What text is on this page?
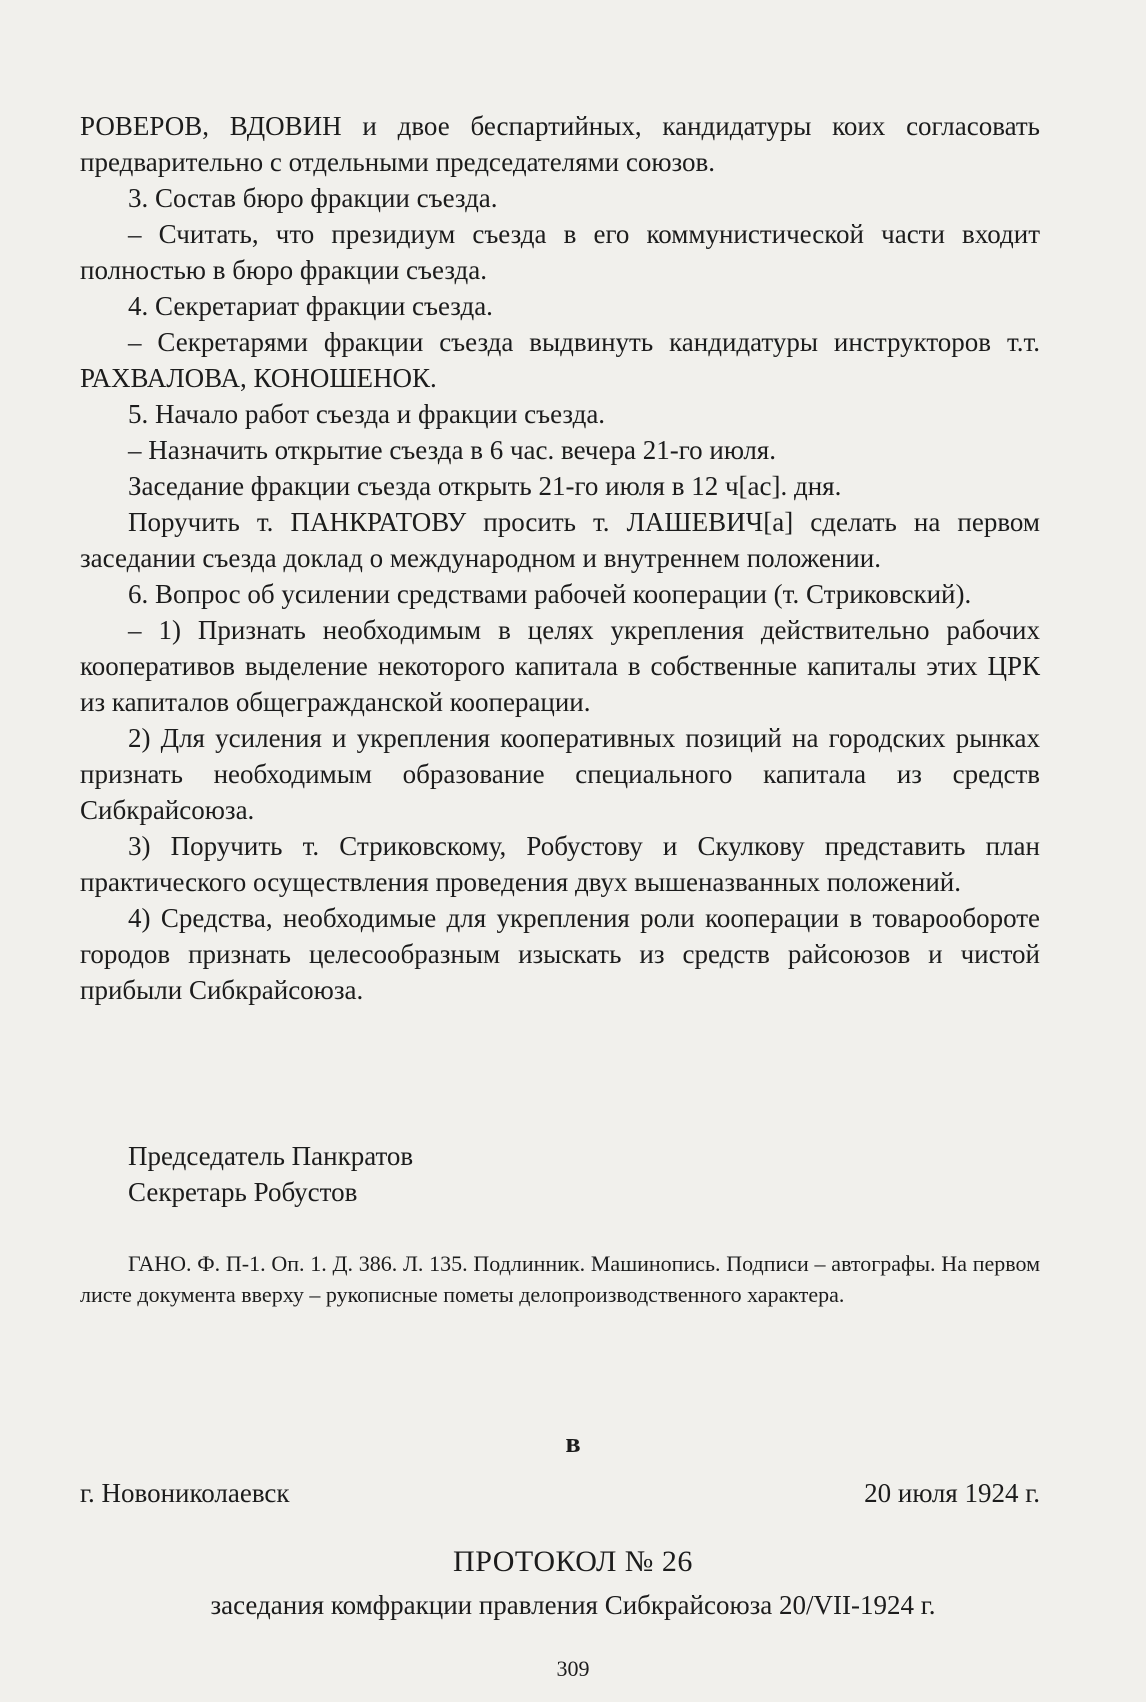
РОВЕРОВ, ВДОВИН и двое беспартийных, кандидатуры коих согласовать предварительно с отдельными председателями союзов.

3. Состав бюро фракции съезда.

– Считать, что президиум съезда в его коммунистической части входит полностью в бюро фракции съезда.

4. Секретариат фракции съезда.

– Секретарями фракции съезда выдвинуть кандидатуры инструкторов т.т. РАХВАЛОВА, КОНОШЕНОК.

5. Начало работ съезда и фракции съезда.

– Назначить открытие съезда в 6 час. вечера 21-го июля.

Заседание фракции съезда открыть 21-го июля в 12 ч[ас]. дня.

Поручить т. ПАНКРАТОВУ просить т. ЛАШЕВИЧ[а] сделать на первом заседании съезда доклад о международном и внутреннем положении.

6. Вопрос об усилении средствами рабочей кооперации (т. Стриковский).

– 1) Признать необходимым в целях укрепления действительно рабочих кооперативов выделение некоторого капитала в собственные капиталы этих ЦРК из капиталов общегражданской кооперации.

2) Для усиления и укрепления кооперативных позиций на городских рынках признать необходимым образование специального капитала из средств Сибкрайсоюза.

3) Поручить т. Стриковскому, Робустову и Скулкову представить план практического осуществления проведения двух вышеназванных положений.

4) Средства, необходимые для укрепления роли кооперации в товарообороте городов признать целесообразным изыскать из средств райсоюзов и чистой прибыли Сибкрайсоюза.

Председатель Панкратов

Секретарь Робустов

ГАНО. Ф. П-1. Оп. 1. Д. 386. Л. 135. Подлинник. Машинопись. Подписи – автографы. На первом листе документа вверху – рукописные пометы делопроизводственного характера.

в
г. Новониколаевск	20 июля 1924 г.
ПРОТОКОЛ № 26
заседания комфракции правления Сибкрайсоюза 20/VII-1924 г.
309
